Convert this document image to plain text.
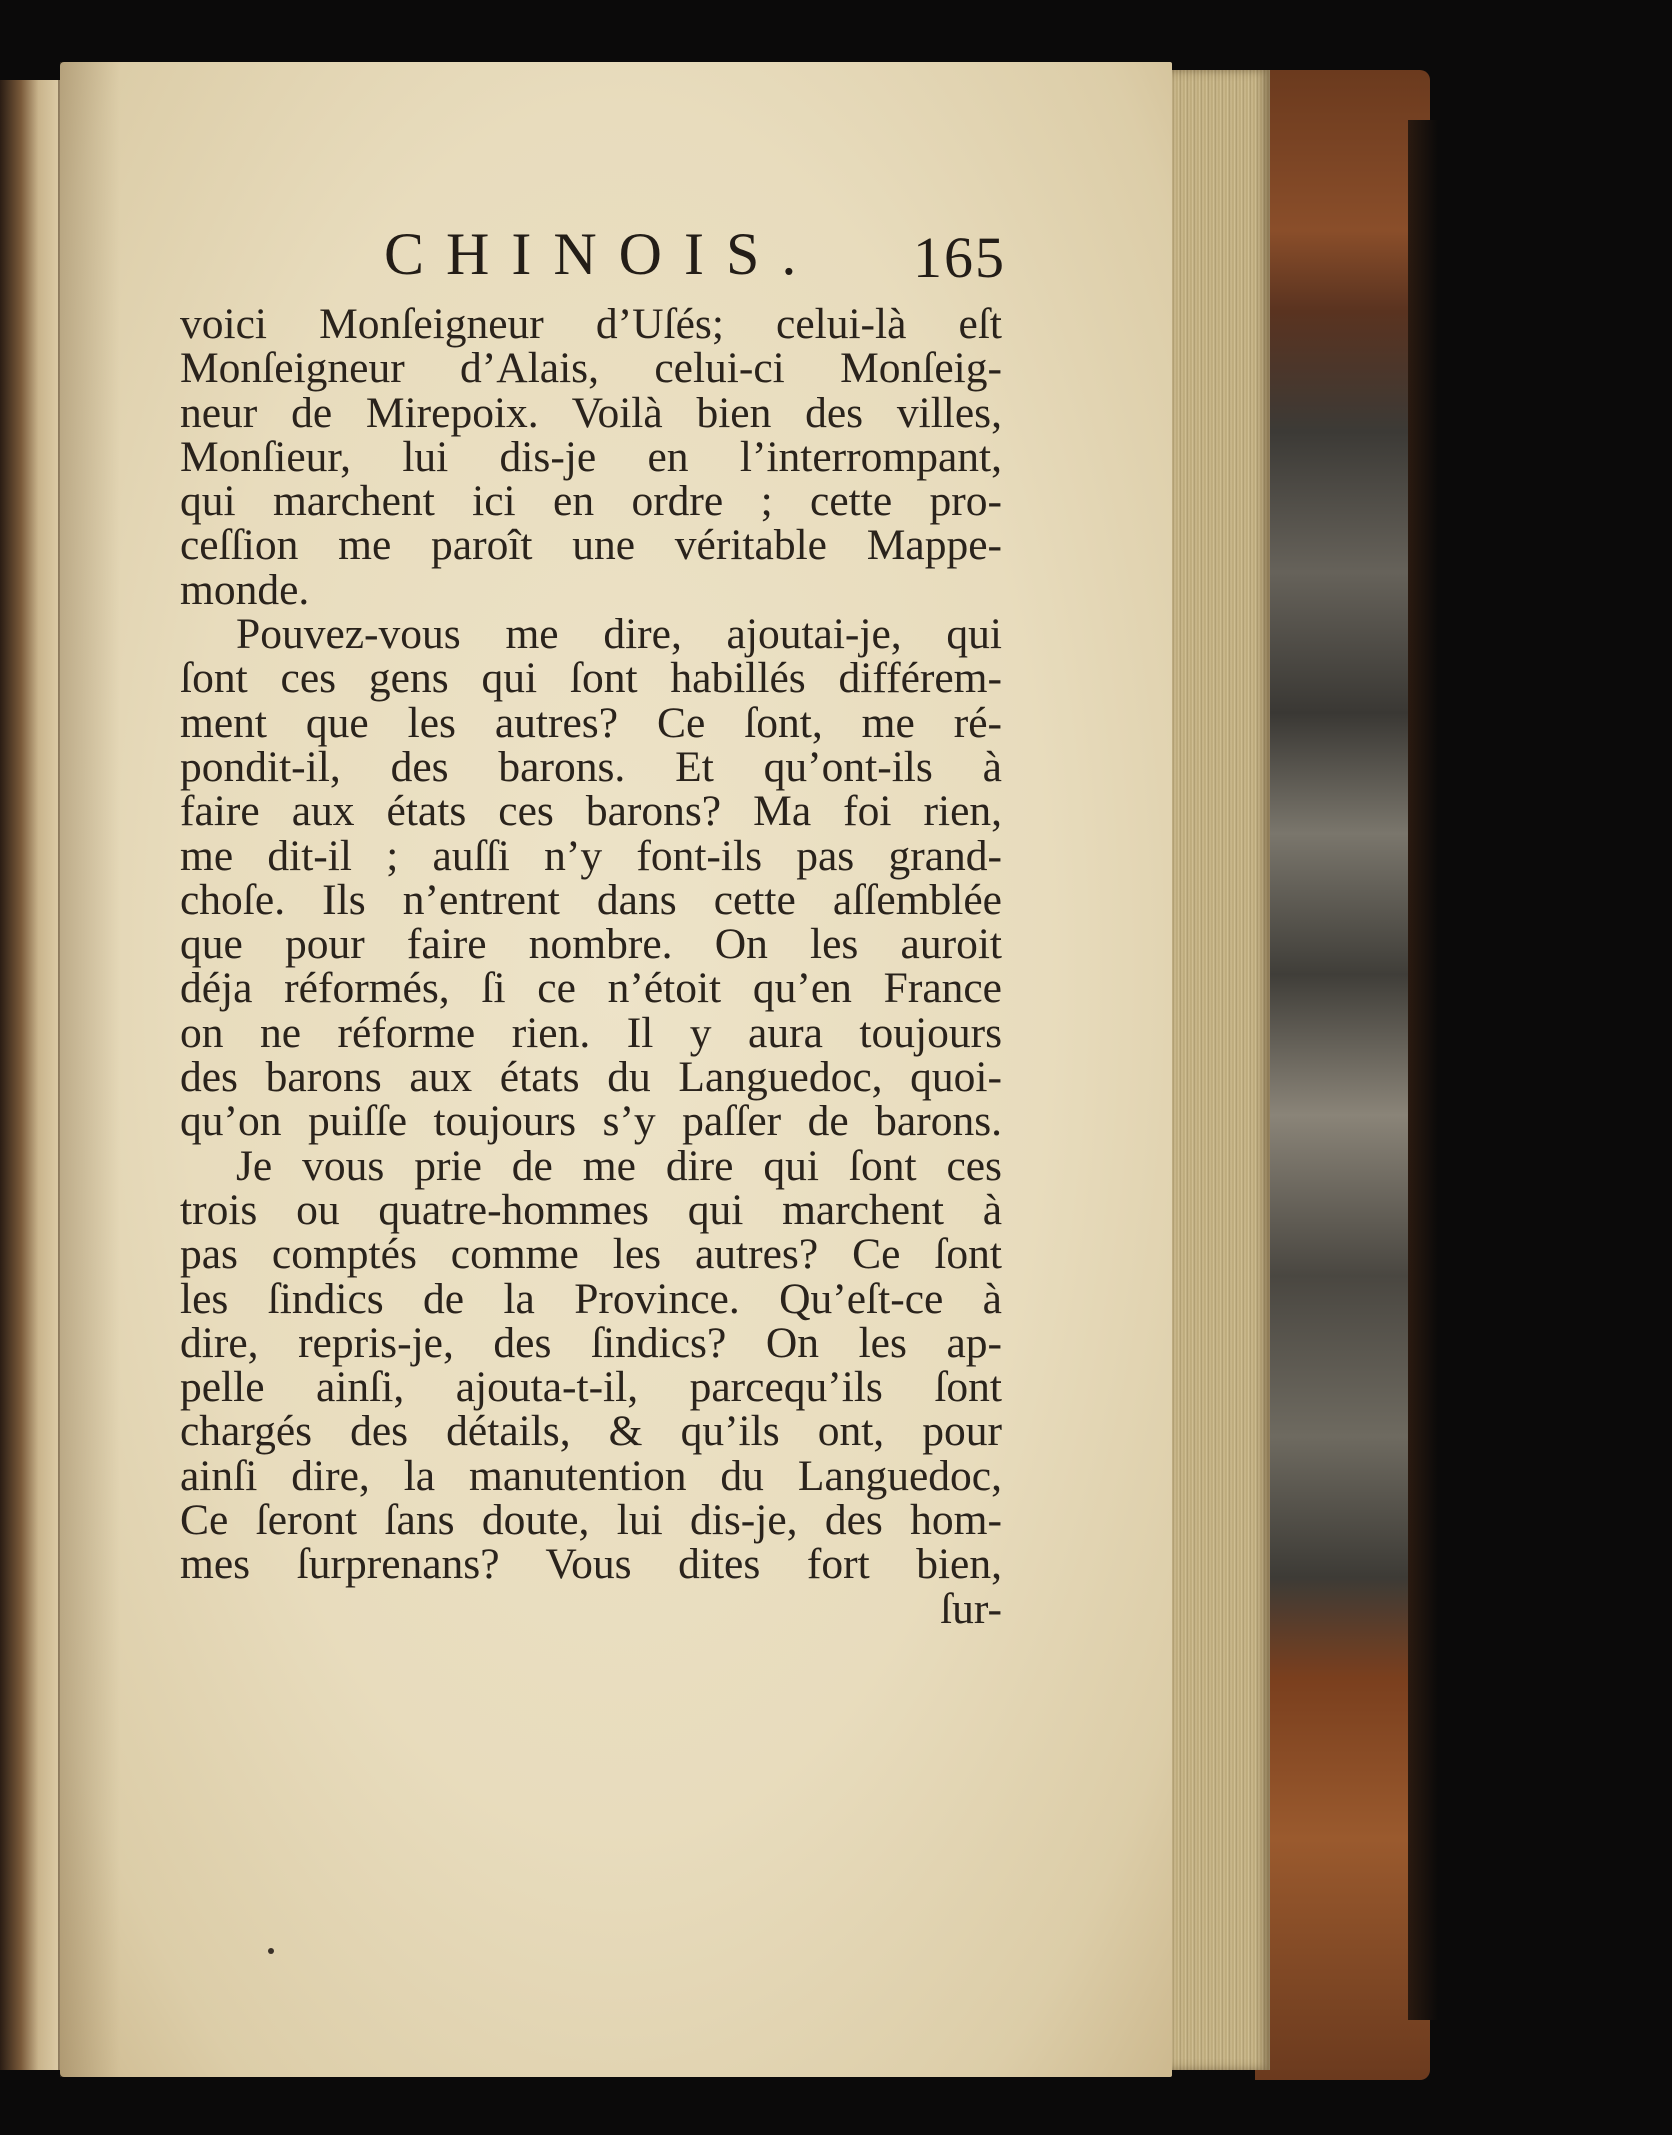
CHINOIS. 165
voici Monſeigneur d’Uſés; celui-là eſt
Monſeigneur d’Alais, celui-ci Monſeig-
neur de Mirepoix. Voilà bien des villes,
Monſieur, lui dis-je en l’interrompant,
qui marchent ici en ordre ; cette pro-
ceſſion me paroît une véritable Mappe-
monde.
Pouvez-vous me dire, ajoutai-je, qui
ſont ces gens qui ſont habillés différem-
ment que les autres? Ce ſont, me ré-
pondit-il, des barons. Et qu’ont-ils à
faire aux états ces barons? Ma foi rien,
me dit-il ; auſſi n’y font-ils pas grand-
choſe. Ils n’entrent dans cette aſſemblée
que pour faire nombre. On les auroit
déja réformés, ſi ce n’étoit qu’en France
on ne réforme rien. Il y aura toujours
des barons aux états du Languedoc, quoi-
qu’on puiſſe toujours s’y paſſer de barons.
Je vous prie de me dire qui ſont ces
trois ou quatre-hommes qui marchent à
pas comptés comme les autres? Ce ſont
les ſindics de la Province. Qu’eſt-ce à
dire, repris-je, des ſindics? On les ap-
pelle ainſi, ajouta-t-il, parcequ’ils ſont
chargés des détails, & qu’ils ont, pour
ainſi dire, la manutention du Languedoc,
Ce ſeront ſans doute, lui dis-je, des hom-
mes ſurprenans? Vous dites fort bien,
ſur-
